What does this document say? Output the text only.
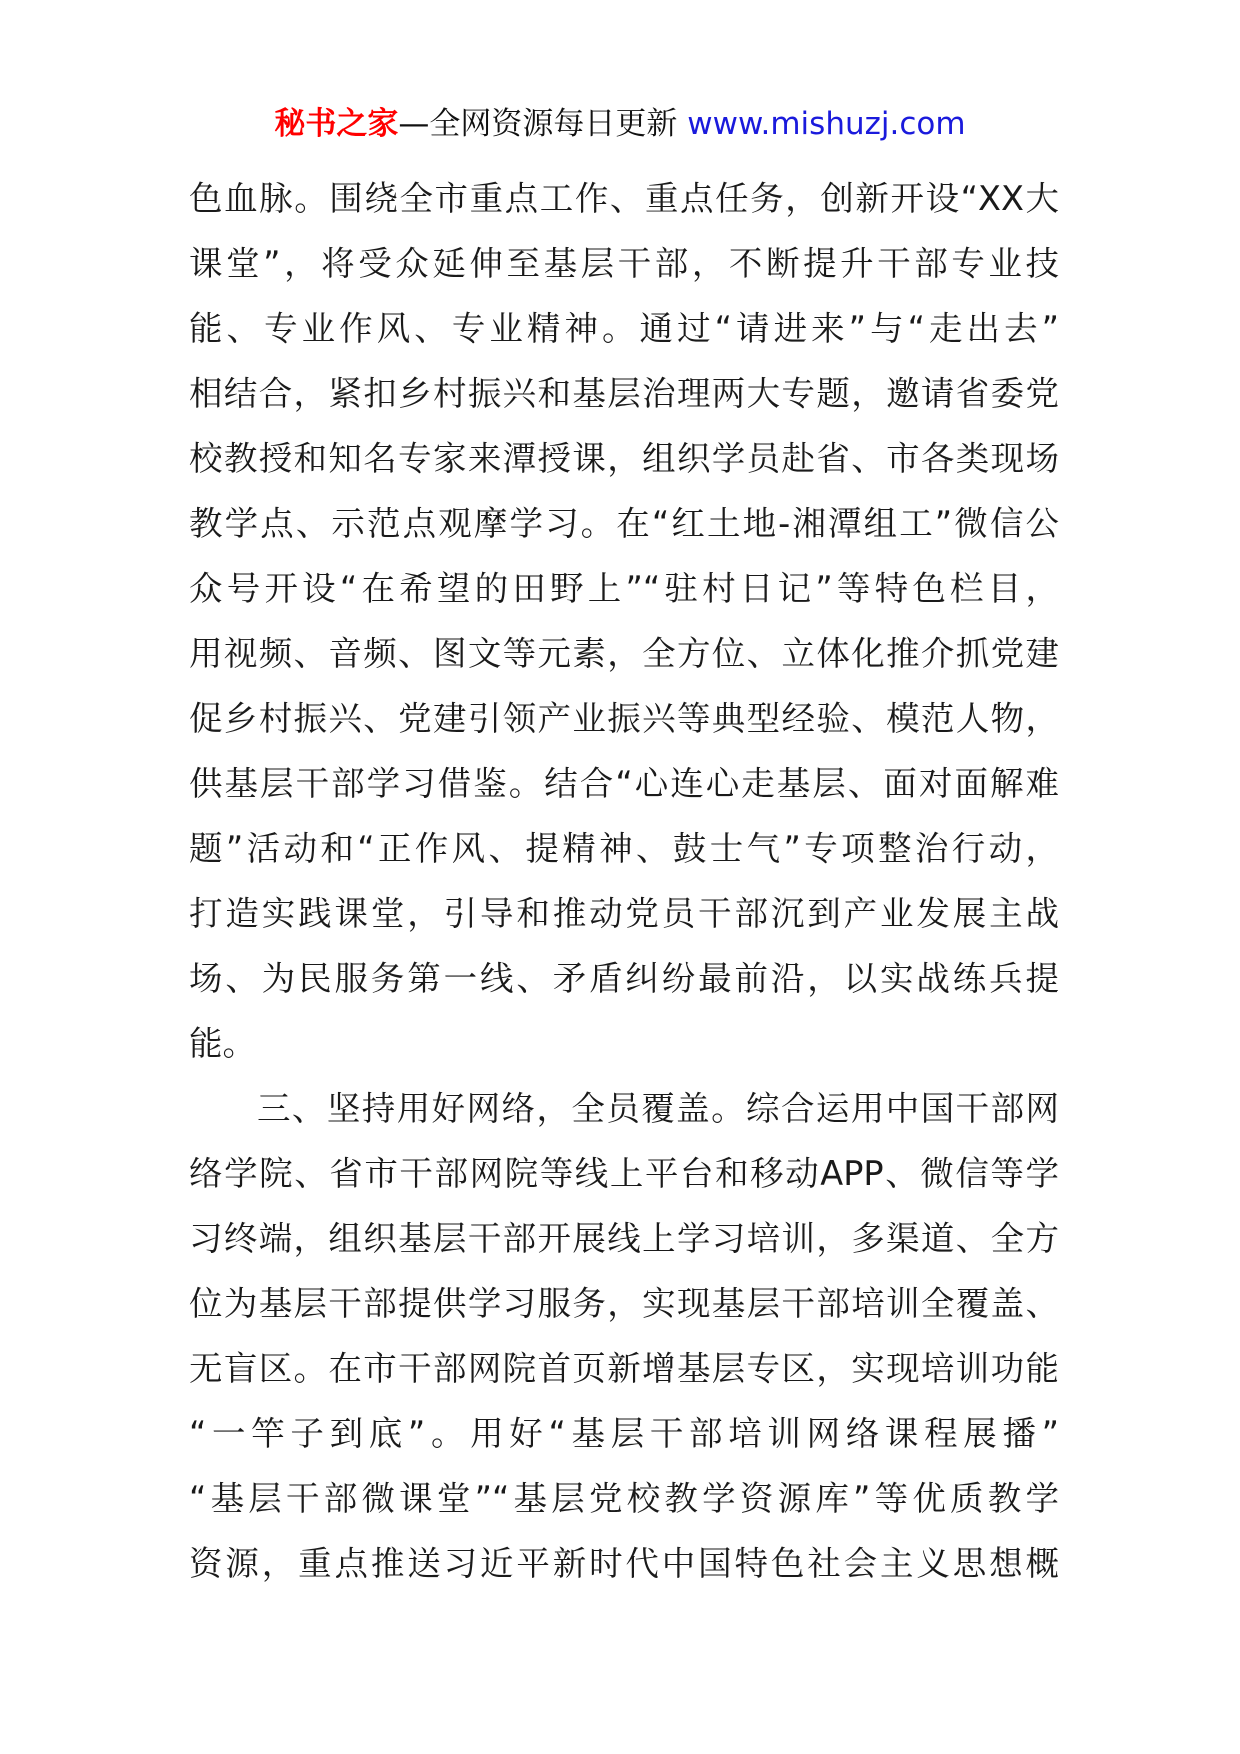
秘书之家—全网资源每日更新 www.mishuzj.com
色血脉。围绕全市重点工作、重点任务，创新开设“XX大
课堂”，将受众延伸至基层干部，不断提升干部专业技
能、专业作风、专业精神。通过“请进来”与“走出去”
相结合，紧扣乡村振兴和基层治理两大专题，邀请省委党
校教授和知名专家来潭授课，组织学员赴省、市各类现场
教学点、示范点观摩学习。在“红土地-湘潭组工”微信公
众号开设“在希望的田野上”“驻村日记”等特色栏目，
用视频、音频、图文等元素，全方位、立体化推介抓党建
促乡村振兴、党建引领产业振兴等典型经验、模范人物，
供基层干部学习借鉴。结合“心连心走基层、面对面解难
题”活动和“正作风、提精神、鼓士气”专项整治行动，
打造实践课堂，引导和推动党员干部沉到产业发展主战
场、为民服务第一线、矛盾纠纷最前沿，以实战练兵提
能。
三、坚持用好网络，全员覆盖。综合运用中国干部网
络学院、省市干部网院等线上平台和移动APP、微信等学
习终端，组织基层干部开展线上学习培训，多渠道、全方
位为基层干部提供学习服务，实现基层干部培训全覆盖、
无盲区。在市干部网院首页新增基层专区，实现培训功能
“一竿子到底”。用好“基层干部培训网络课程展播”
“基层干部微课堂”“基层党校教学资源库”等优质教学
资源，重点推送习近平新时代中国特色社会主义思想概
